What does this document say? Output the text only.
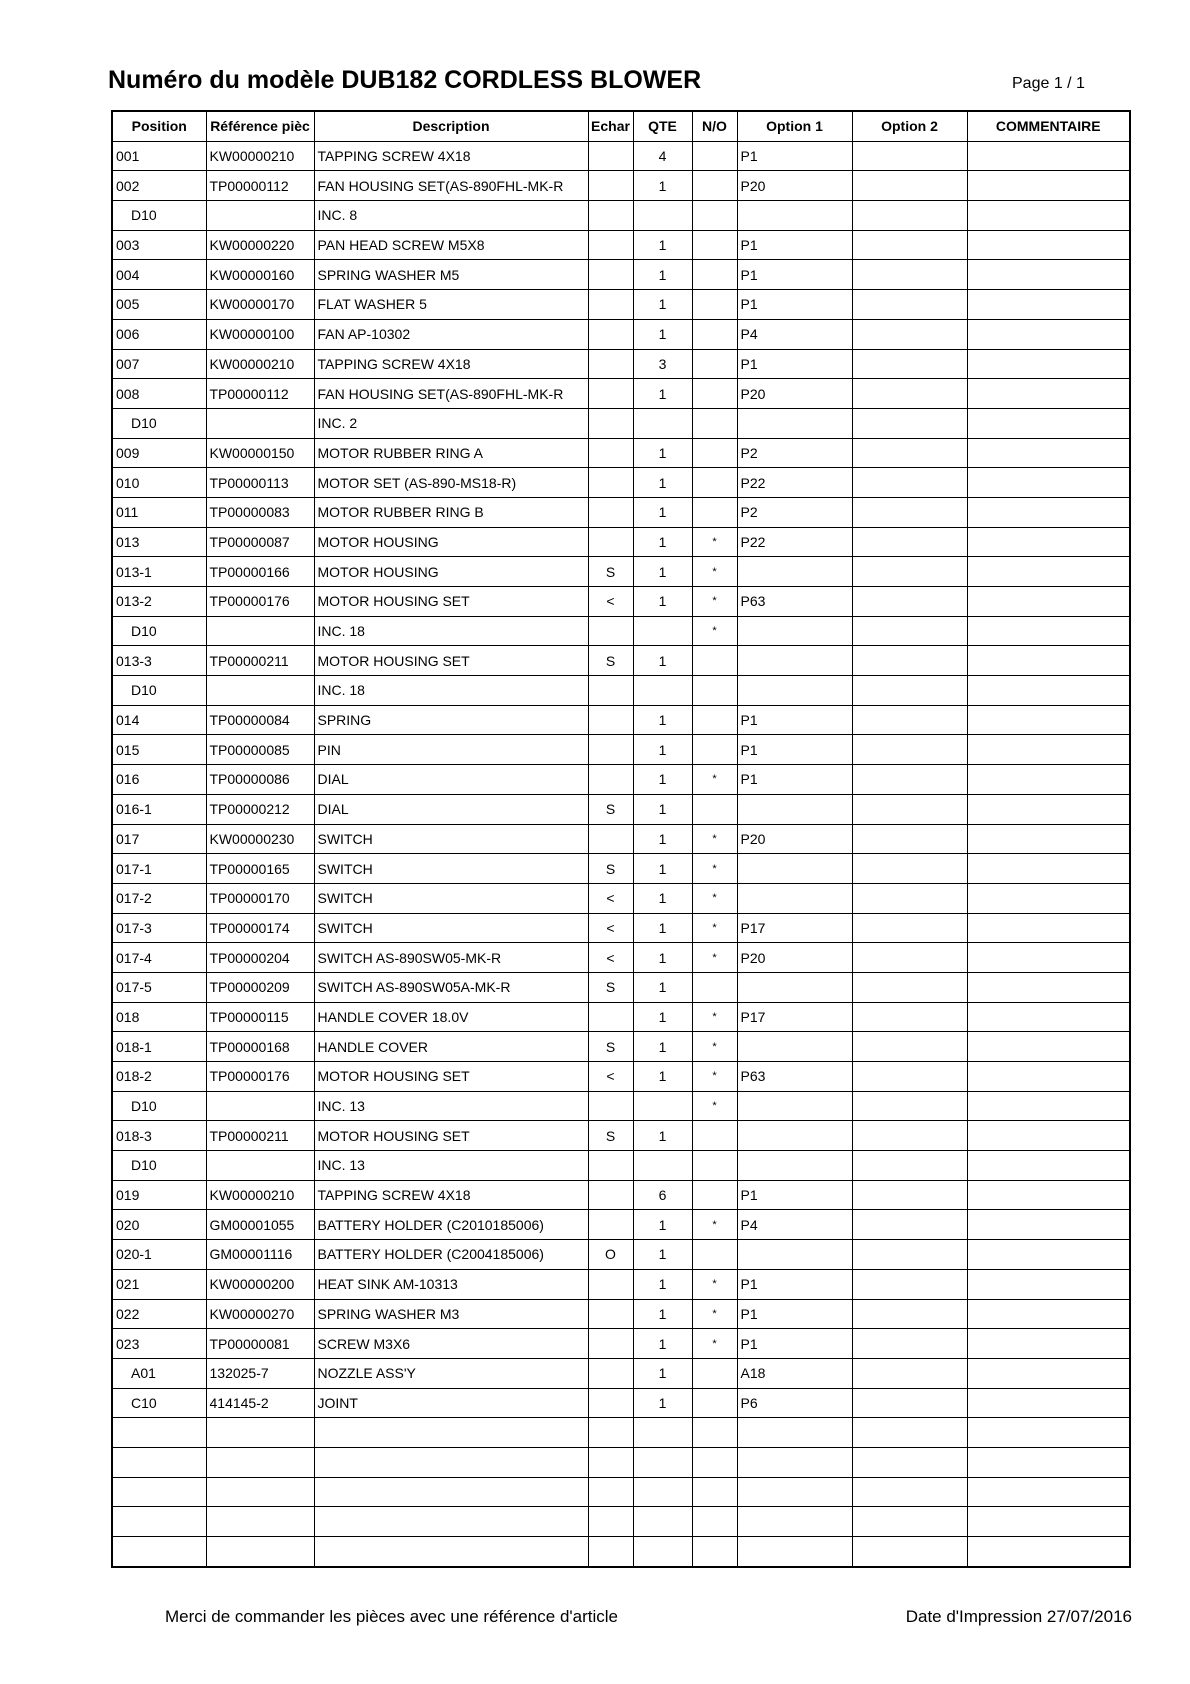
Numéro du modèle DUB182 CORDLESS BLOWER	Page 1 / 1
Position	Référence pièc	Description	Echar	QTE	N/O	Option 1	Option 2	COMMENTAIRE
001	KW00000210	TAPPING SCREW 4X18		4		P1		
002	TP00000112	FAN HOUSING SET(AS-890FHL-MK-R		1		P20		
D10		INC. 8						
003	KW00000220	PAN HEAD SCREW M5X8		1		P1		
004	KW00000160	SPRING WASHER M5		1		P1		
005	KW00000170	FLAT WASHER 5		1		P1		
006	KW00000100	FAN AP-10302		1		P4		
007	KW00000210	TAPPING SCREW 4X18		3		P1		
008	TP00000112	FAN HOUSING SET(AS-890FHL-MK-R		1		P20		
D10		INC. 2						
009	KW00000150	MOTOR RUBBER RING A		1		P2		
010	TP00000113	MOTOR SET (AS-890-MS18-R)		1		P22		
011	TP00000083	MOTOR RUBBER RING B		1		P2		
013	TP00000087	MOTOR HOUSING		1	*	P22		
013-1	TP00000166	MOTOR HOUSING	S	1	*			
013-2	TP00000176	MOTOR HOUSING SET	<	1	*	P63		
D10		INC. 18			*			
013-3	TP00000211	MOTOR HOUSING SET	S	1				
D10		INC. 18						
014	TP00000084	SPRING		1		P1		
015	TP00000085	PIN		1		P1		
016	TP00000086	DIAL		1	*	P1		
016-1	TP00000212	DIAL	S	1				
017	KW00000230	SWITCH		1	*	P20		
017-1	TP00000165	SWITCH	S	1	*			
017-2	TP00000170	SWITCH	<	1	*			
017-3	TP00000174	SWITCH	<	1	*	P17		
017-4	TP00000204	SWITCH AS-890SW05-MK-R	<	1	*	P20		
017-5	TP00000209	SWITCH AS-890SW05A-MK-R	S	1				
018	TP00000115	HANDLE COVER 18.0V		1	*	P17		
018-1	TP00000168	HANDLE COVER	S	1	*			
018-2	TP00000176	MOTOR HOUSING SET	<	1	*	P63		
D10		INC. 13			*			
018-3	TP00000211	MOTOR HOUSING SET	S	1				
D10		INC. 13						
019	KW00000210	TAPPING SCREW 4X18		6		P1		
020	GM00001055	BATTERY HOLDER (C2010185006)		1	*	P4		
020-1	GM00001116	BATTERY HOLDER (C2004185006)	O	1				
021	KW00000200	HEAT SINK AM-10313		1	*	P1		
022	KW00000270	SPRING WASHER M3		1	*	P1		
023	TP00000081	SCREW M3X6		1	*	P1		
A01	132025-7	NOZZLE ASS'Y		1		A18		
C10	414145-2	JOINT		1		P6		

Merci de commander les pièces avec une référence d'article	Date d'Impression 27/07/2016
